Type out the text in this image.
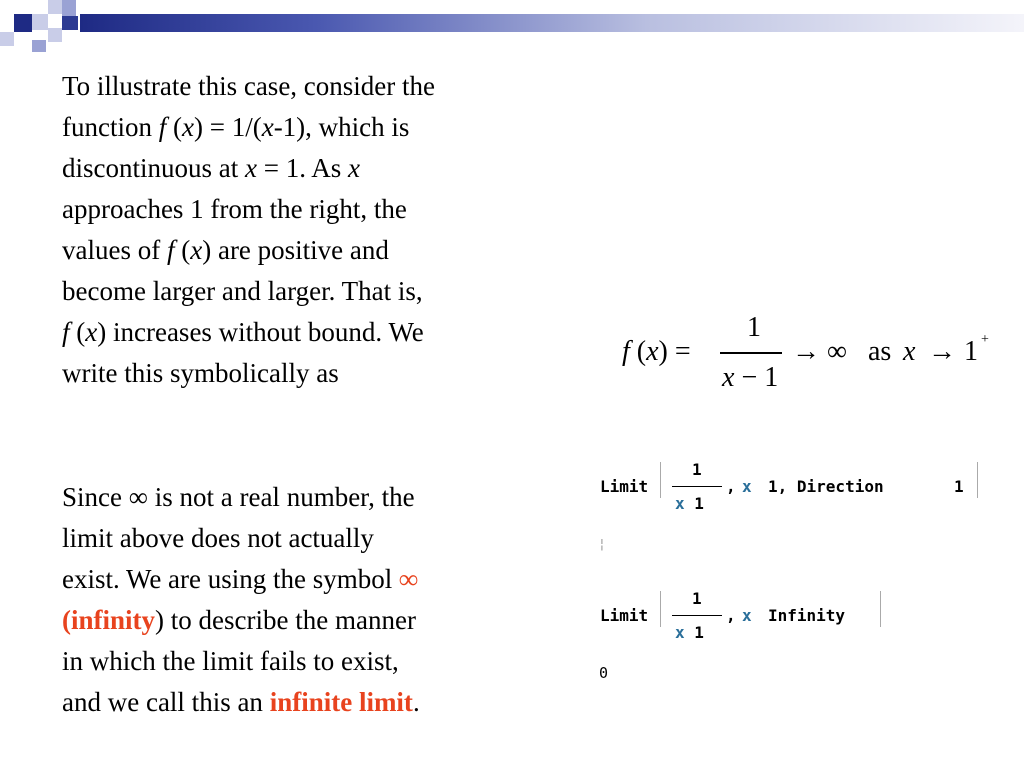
To illustrate this case, consider the
function f (x) = 1/(x-1), which is
discontinuous at x = 1. As x
approaches 1 from the right, the
values of f (x) are positive and
become larger and larger. That is,
f (x) increases without bound. We
write this symbolically as

f (x) =
1
x − 1
→ ∞ as x → 1 +

Since ∞ is not a real number, the
limit above does not actually
exist. We are using the symbol ∞
(infinity) to describe the manner
in which the limit fails to exist,
and we call this an infinite limit.

Limit
1
x 1
, x 1, Direction	1
¦
Limit
1
x 1
, x Infinity
0
